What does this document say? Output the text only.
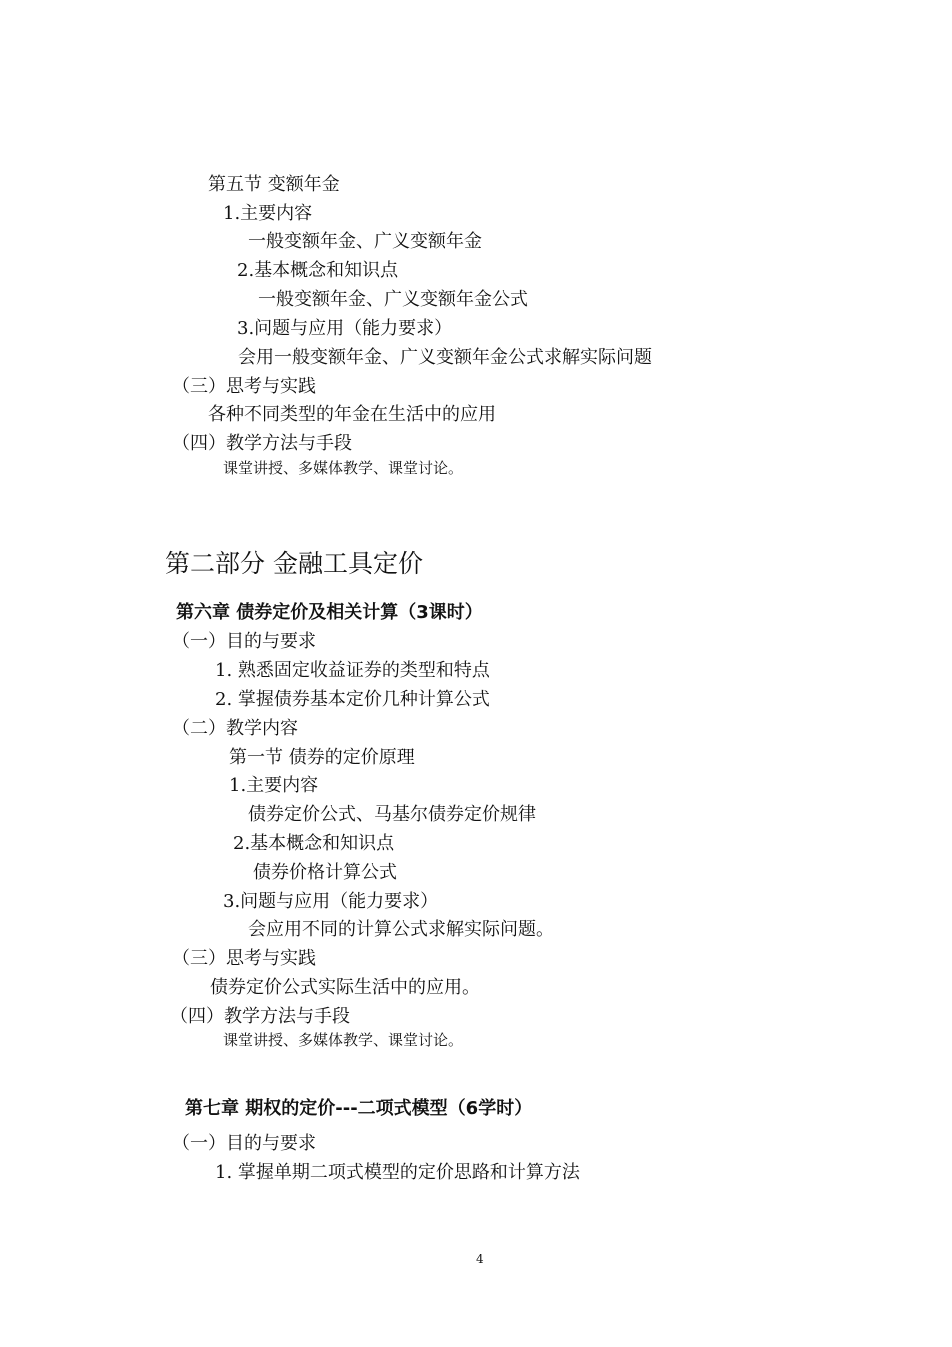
第五节 变额年金
1.主要内容
一般变额年金、广义变额年金
2.基本概念和知识点
一般变额年金、广义变额年金公式
3.问题与应用（能力要求）
会用一般变额年金、广义变额年金公式求解实际问题
（三）思考与实践
各种不同类型的年金在生活中的应用
（四）教学方法与手段
课堂讲授、多媒体教学、课堂讨论。
第二部分 金融工具定价
第六章 债券定价及相关计算（3课时）
（一）目的与要求
1. 熟悉固定收益证券的类型和特点
2. 掌握债券基本定价几种计算公式
（二）教学内容
第一节 债券的定价原理
1.主要内容
债券定价公式、马基尔债券定价规律
2.基本概念和知识点
债券价格计算公式
3.问题与应用（能力要求）
会应用不同的计算公式求解实际问题。
（三）思考与实践
债券定价公式实际生活中的应用。
（四）教学方法与手段
课堂讲授、多媒体教学、课堂讨论。
第七章 期权的定价---二项式模型（6学时）
（一）目的与要求
1. 掌握单期二项式模型的定价思路和计算方法
4
